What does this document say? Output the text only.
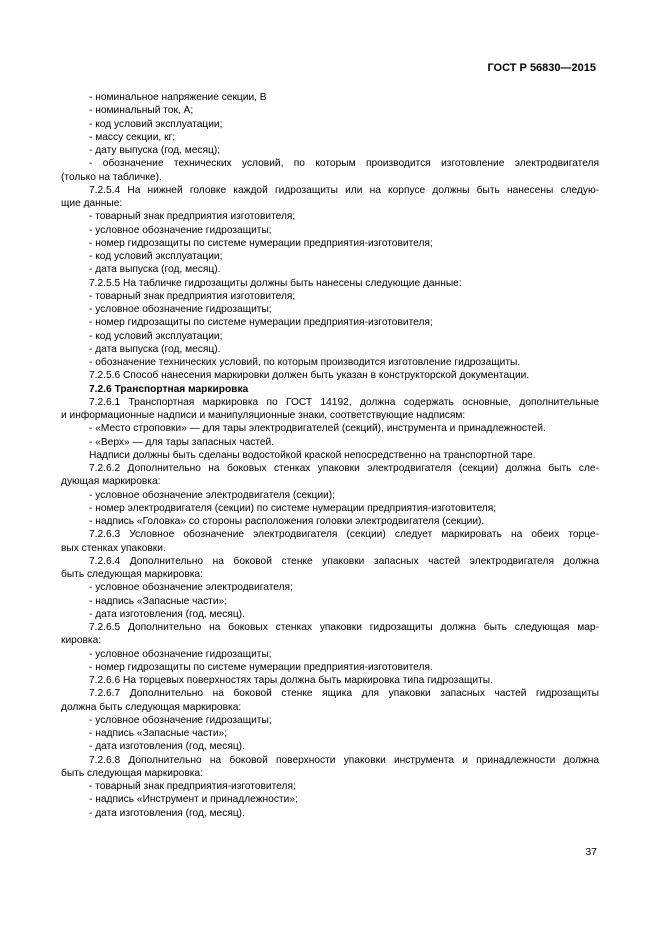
ГОСТ Р 56830—2015
- номинальное напряжение секции, В
- номинальный ток, А;
- код условий эксплуатации;
- массу секции, кг;
- дату выпуска (год, месяц);
- обозначение технических условий, по которым производится изготовление электродвигателя
(только на табличке).
7.2.5.4 На нижней головке каждой гидрозащиты или на корпусе должны быть нанесены следую-
щие данные:
- товарный знак предприятия изготовителя;
- условное обозначение гидрозащиты;
- номер гидрозащиты по системе нумерации предприятия-изготовителя;
- код условий эксплуатации;
- дата выпуска (год, месяц).
7.2.5.5 На табличке гидрозащиты должны быть нанесены следующие данные:
- товарный знак предприятия изготовителя;
- условное обозначение гидрозащиты;
- номер гидрозащиты по системе нумерации предприятия-изготовителя;
- код условий эксплуатации;
- дата выпуска (год, месяц).
- обозначение технических условий, по которым производится изготовление гидрозащиты.
7.2.5.6 Способ нанесения маркировки должен быть указан в конструкторской документации.
7.2.6 Транспортная маркировка
7.2.6.1 Транспортная маркировка по ГОСТ 14192, должна содержать основные, дополнительные
и информационные надписи и манипуляционные знаки, соответствующие надписям:
- «Место строповки» — для тары электродвигателей (секций), инструмента и принадлежностей.
- «Верх» — для тары запасных частей.
Надписи должны быть сделаны водостойкой краской непосредственно на транспортной таре.
7.2.6.2 Дополнительно на боковых стенках упаковки электродвигателя (секции) должна быть сле-
дующая маркировка:
- условное обозначение электродвигателя (секции);
- номер электродвигателя (секции) по системе нумерации предприятия-изготовителя;
- надпись «Головка» со стороны расположения головки электродвигателя (секции).
7.2.6.3 Условное обозначение электродвигателя (секции) следует маркировать на обеих торце-
вых стенках упаковки.
7.2.6.4 Дополнительно на боковой стенке упаковки запасных частей электродвигателя должна
быть следующая маркировка:
- условное обозначение электродвигателя;
- надпись «Запасные части»;
- дата изготовления (год, месяц).
7.2.6.5 Дополнительно на боковых стенках упаковки гидрозащиты должна быть следующая мар-
кировка:
- условное обозначение гидрозащиты;
- номер гидрозащиты по системе нумерации предприятия-изготовителя.
7.2.6.6 На торцевых поверхностях тары должна быть маркировка типа гидрозащиты.
7.2.6.7 Дополнительно на боковой стенке ящика для упаковки запасных частей гидрозащиты
должна быть следующая маркировка:
- условное обозначение гидрозащиты;
- надпись «Запасные части»;
- дата изготовления (год, месяц).
7.2.6.8 Дополнительно на боковой поверхности упаковки инструмента и принадлежности должна
быть следующая маркировка:
- товарный знак предприятия-изготовителя;
- надпись «Инструмент и принадлежности»;
- дата изготовления (год, месяц).
37
